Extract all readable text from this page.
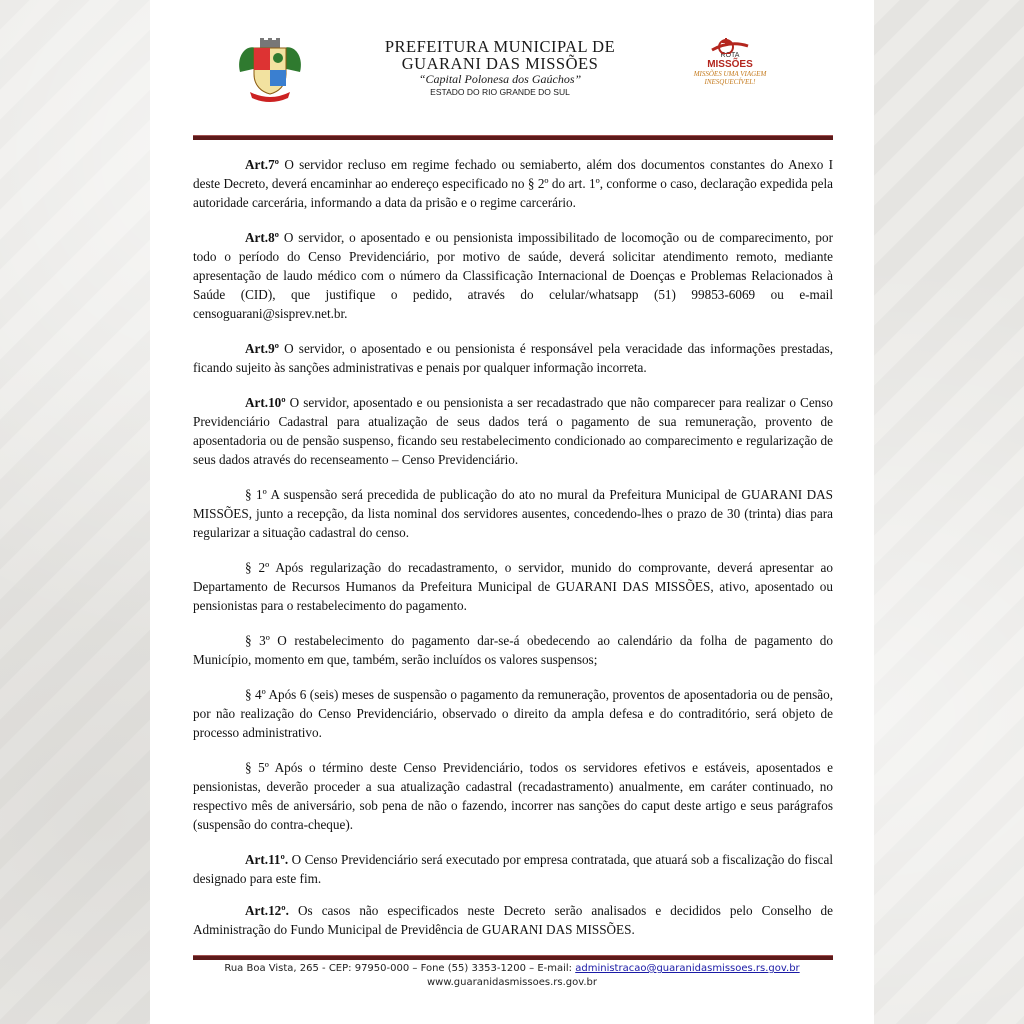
PREFEITURA MUNICIPAL DE
GUARANI DAS MISSÕES
“Capital Polonesa dos Gaúchos”
ESTADO DO RIO GRANDE DO SUL
ROTA
MISSÕES
MISSÕES UMA VIAGEM
INESQUECÍVEL!

Art.7º O servidor recluso em regime fechado ou semiaberto, além dos documentos constantes do Anexo I deste Decreto, deverá encaminhar ao endereço especificado no § 2º do art. 1º, conforme o caso, declaração expedida pela autoridade carcerária, informando a data da prisão e o regime carcerário.

Art.8º O servidor, o aposentado e ou pensionista impossibilitado de locomoção ou de comparecimento, por todo o período do Censo Previdenciário, por motivo de saúde, deverá solicitar atendimento remoto, mediante apresentação de laudo médico com o número da Classificação Internacional de Doenças e Problemas Relacionados à Saúde (CID), que justifique o pedido, através do celular/whatsapp (51) 99853-6069 ou e-mail censoguarani@sisprev.net.br.

Art.9º O servidor, o aposentado e ou pensionista é responsável pela veracidade das informações prestadas, ficando sujeito às sanções administrativas e penais por qualquer informação incorreta.

Art.10º O servidor, aposentado e ou pensionista a ser recadastrado que não comparecer para realizar o Censo Previdenciário Cadastral para atualização de seus dados terá o pagamento de sua remuneração, provento de aposentadoria ou de pensão suspenso, ficando seu restabelecimento condicionado ao comparecimento e regularização de seus dados através do recenseamento – Censo Previdenciário.

§ 1º A suspensão será precedida de publicação do ato no mural da Prefeitura Municipal de GUARANI DAS MISSÕES, junto a recepção, da lista nominal dos servidores ausentes, concedendo-lhes o prazo de 30 (trinta) dias para regularizar a situação cadastral do censo.

§ 2º Após regularização do recadastramento, o servidor, munido do comprovante, deverá apresentar ao Departamento de Recursos Humanos da Prefeitura Municipal de GUARANI DAS MISSÕES, ativo, aposentado ou pensionistas para o restabelecimento do pagamento.

§ 3º O restabelecimento do pagamento dar-se-á obedecendo ao calendário da folha de pagamento do Município, momento em que, também, serão incluídos os valores suspensos;

§ 4º Após 6 (seis) meses de suspensão o pagamento da remuneração, proventos de aposentadoria ou de pensão, por não realização do Censo Previdenciário, observado o direito da ampla defesa e do contraditório, será objeto de processo administrativo.

§ 5º Após o término deste Censo Previdenciário, todos os servidores efetivos e estáveis, aposentados e pensionistas, deverão proceder a sua atualização cadastral (recadastramento) anualmente, em caráter continuado, no respectivo mês de aniversário, sob pena de não o fazendo, incorrer nas sanções do caput deste artigo e seus parágrafos (suspensão do contra-cheque).

Art.11º. O Censo Previdenciário será executado por empresa contratada, que atuará sob a fiscalização do fiscal designado para este fim.

Art.12º. Os casos não especificados neste Decreto serão analisados e decididos pelo Conselho de Administração do Fundo Municipal de Previdência de GUARANI DAS MISSÕES.

Rua Boa Vista, 265 - CEP: 97950-000 – Fone (55) 3353-1200 – E-mail: administracao@guaranidasmissoes.rs.gov.br
www.guaranidasmissoes.rs.gov.br
